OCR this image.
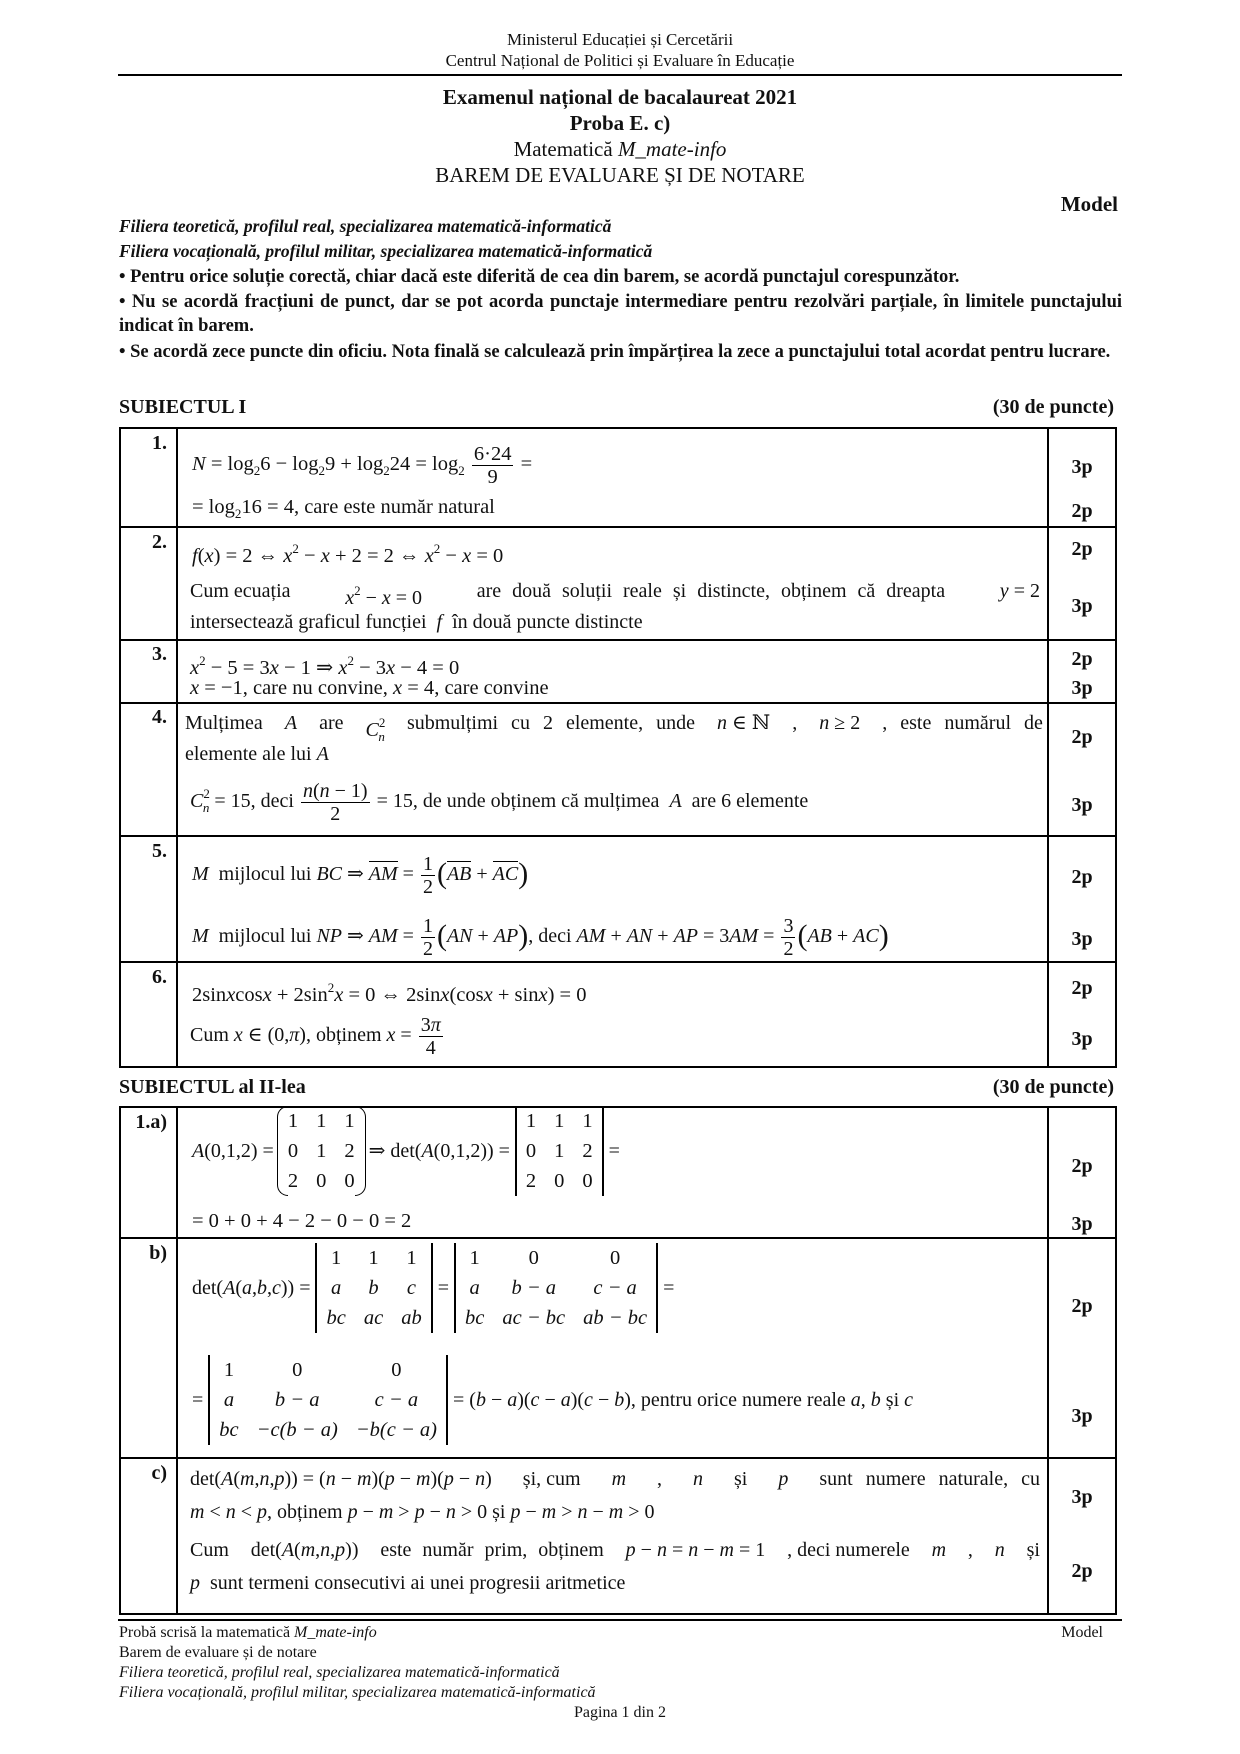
Ministerul Educației și Cercetării
Centrul Național de Politici și Evaluare în Educație
Examenul național de bacalaureat 2021
Proba E. c)
Matematică M_mate-info
BAREM DE EVALUARE ȘI DE NOTARE
Model
Filiera teoretică, profilul real, specializarea matematică-informatică
Filiera vocațională, profilul militar, specializarea matematică-informatică
• Pentru orice soluție corectă, chiar dacă este diferită de cea din barem, se acordă punctajul corespunzător.
• Nu se acordă fracțiuni de punct, dar se pot acorda punctaje intermediare pentru rezolvări parțiale, în limitele punctajului indicat în barem.
• Se acordă zece puncte din oficiu. Nota finală se calculează prin împărțirea la zece a punctajului total acordat pentru lucrare.
SUBIECTUL I	(30 de puncte)
1.
$N = \log_26 - \log_29 + \log_224 = \log_2 \frac{6\cdot 24}{9}$ =	3p
= $\log_216 = 4$, care este număr natural	2p
2.
f(x) = 2 ⇔ $x^2 - x + 2 = 2$ ⇔ $x^2 - x = 0$	2p
Cum ecuația	$x^2 - x = 0$	are două soluții reale și distincte, obținem că dreapta	y = 2
intersectează graficul funcției  f  în două puncte distincte
3p
3.
$x^2 - 5 = 3x - 1$ ⇒ $x^2 - 3x - 4 = 0$	2p
x = −1, care nu convine, x = 4, care convine	3p
4. Mulțimea A are $C^2_n$
submulțimi cu 2 elemente, unde n ∈ ℕ , n ≥ 2 , este numărul de
elemente ale lui A
2p
$C^2_n = 15$, deci $\frac{n(n - 1)}{2} = 15$, de unde obținem că mulțimea  A  are 6 elemente	3p
5.
M mijlocul lui BC ⇒ AM = $\frac{1}{2} (AB + AC)$	2p
M mijlocul lui NP ⇒ AM = $\frac{1}{2} (AN + AP)$, deci AM + AN + AP = $3AM = \frac{3}{2} (AB + AC)$	3p
6.
2sinxcosx + $2\sin^2x = 0$ ⇔ 2sinx(cosx + sinx) = 0	2p
Cum x ∈ (0,π), obținem $x = \frac{3\pi}{4}$	3p
SUBIECTUL al II-lea	(30 de puncte)
1.a)
A(0,1,2) =
1	1	1
0	1	2
2	0	0
⇒ det(A(0,1,2)) =
1	1	1
0	1	2
2	0	0
=
2p
= 0 + 0 + 4 − 2 − 0 − 0 = 2	3p
b)
det(A(a,b,c)) =
1	1	1
a	b	c
bc	ac	ab
=
1	0	0
a	b − a	c − a
bc	ac − bc	ab − bc
=
2p
=
1	0	0
a	b − a	c − a
bc	−c(b − a)	−b(c − a)
= (b − a)(c − a)(c − b), pentru orice numere reale a, b și c
3p
c) det(A(m,n,p)) = (n − m)(p − m)(p − n) și, cum m , n și p sunt numere naturale, cu
m < n < p, obținem p − m > p − n > 0 și p − m > n − m > 0
3p
Cum det(A(m,n,p)) este număr prim, obținem p − n = n − m = 1 , deci numerele m , n și
p sunt termeni consecutivi ai unei progresii aritmetice
2p
Probă scrisă la matematică M_mate-info	Model
Barem de evaluare și de notare
Filiera teoretică, profilul real, specializarea matematică-informatică
Filiera vocațională, profilul militar, specializarea matematică-informatică
Pagina 1 din 2
